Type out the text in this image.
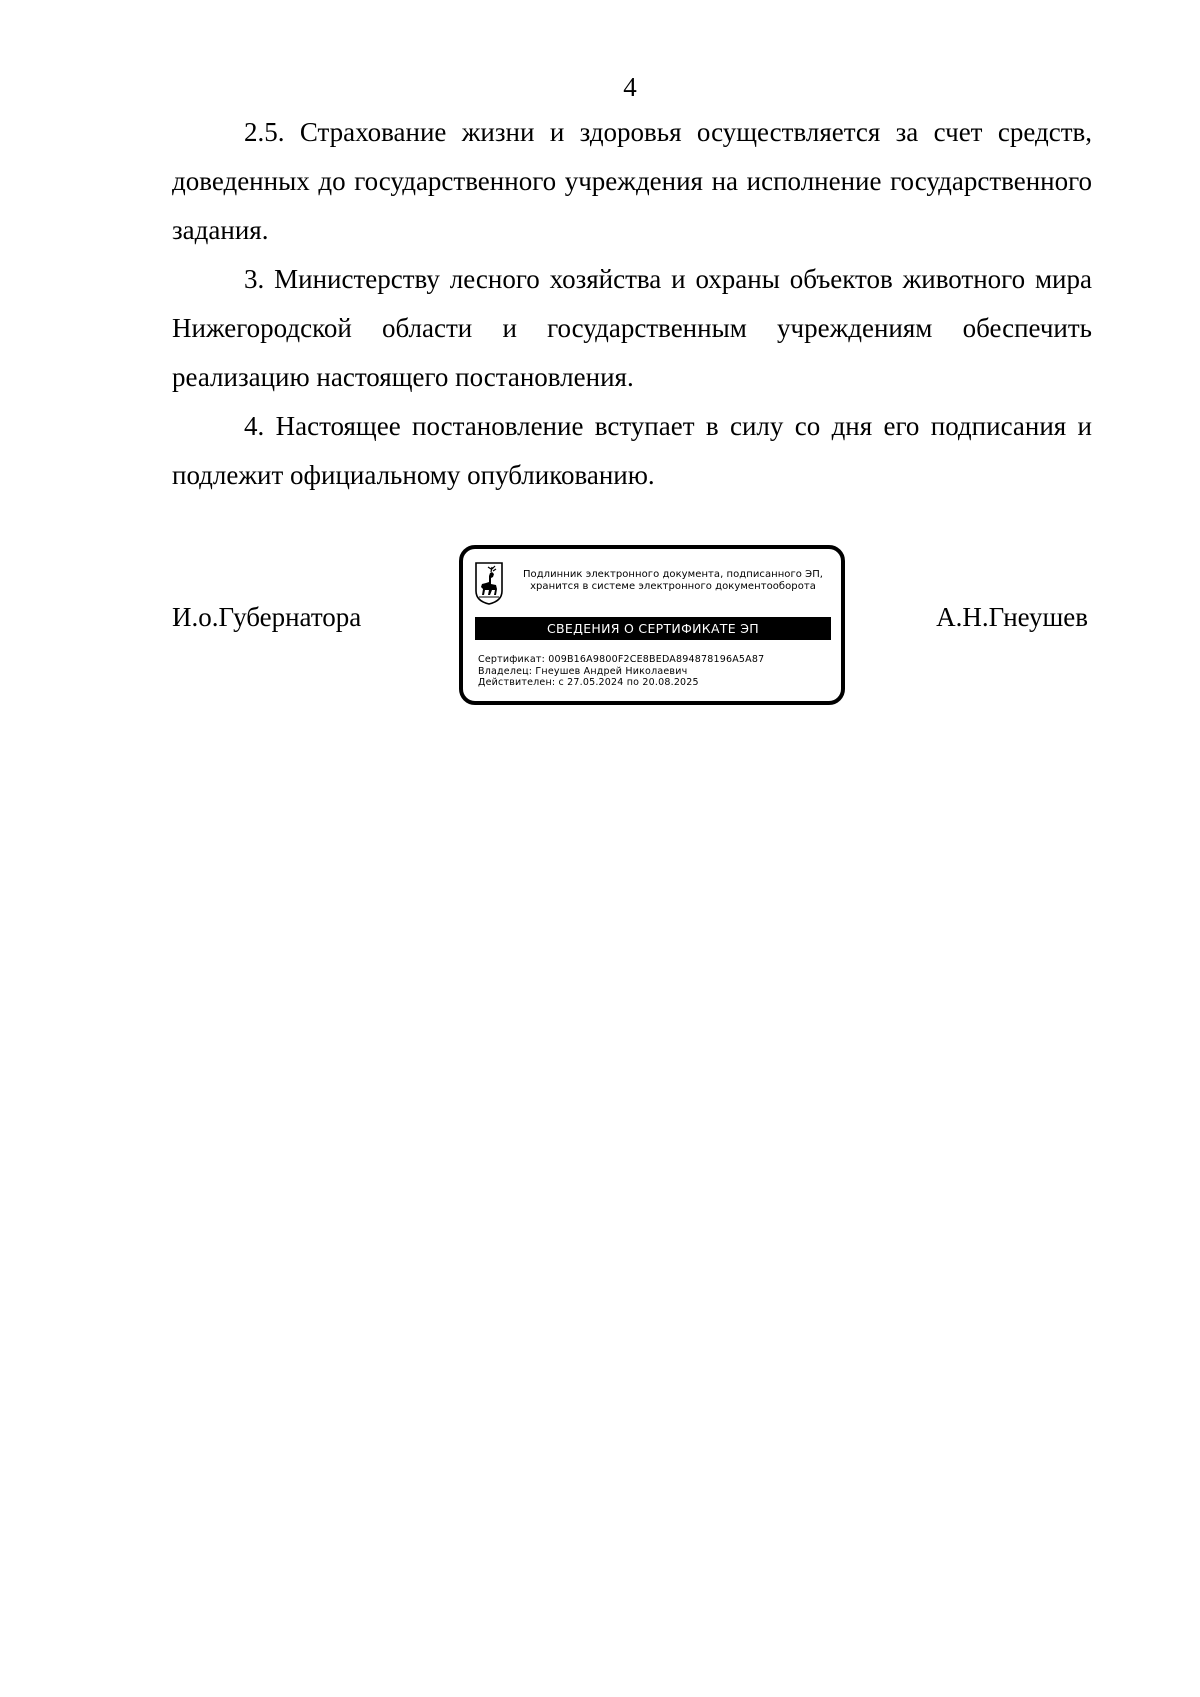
4

2.5. Страхование жизни и здоровья осуществляется за счет средств, доведенных до государственного учреждения на исполнение государственного задания.

3. Министерству лесного хозяйства и охраны объектов животного мира Нижегородской области и государственным учреждениям обеспечить реализацию настоящего постановления.

4. Настоящее постановление вступает в силу со дня его подписания и подлежит официальному опубликованию.

И.о.Губернатора
Подлинник электронного документа, подписанного ЭП,
хранится в системе электронного документооборота
СВЕДЕНИЯ О СЕРТИФИКАТЕ ЭП
Сертификат: 009B16A9800F2CE8BEDA894878196A5A87
Владелец: Гнеушев Андрей Николаевич
Действителен: с 27.05.2024 по 20.08.2025
А.Н.Гнеушев
